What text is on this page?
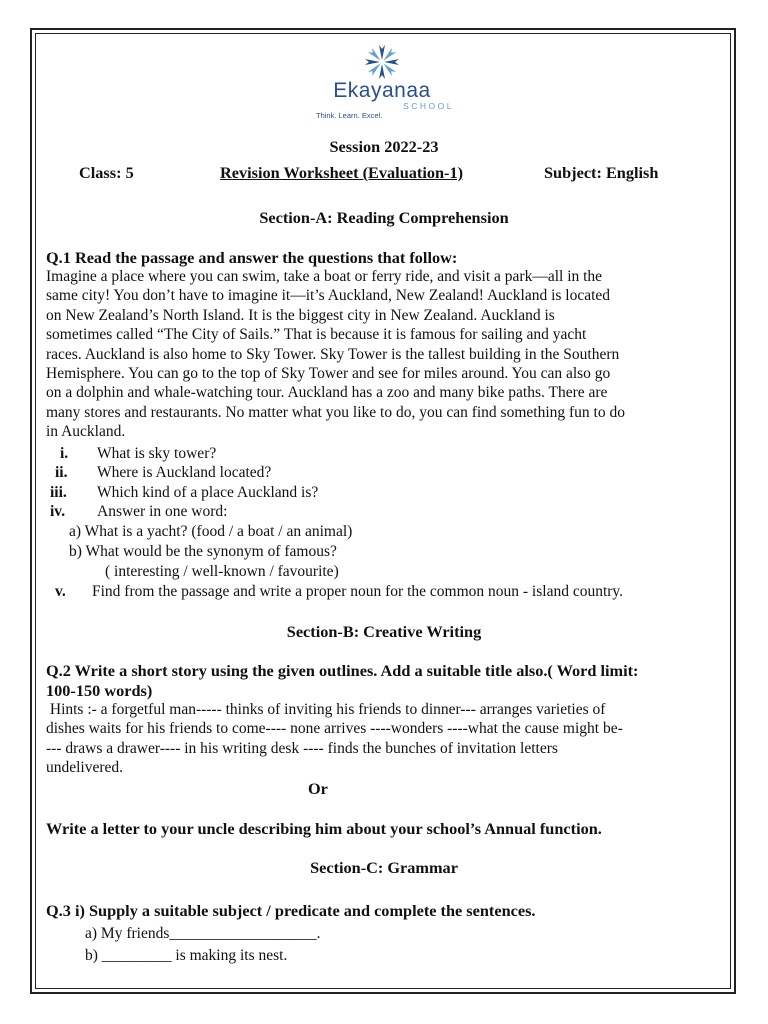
Ekayanaa
SCHOOL
Think. Learn. Excel.
Session 2022-23
Class: 5	Revision Worksheet (Evaluation-1)	Subject: English
Section-A: Reading Comprehension
Q.1 Read the passage and answer the questions that follow:
Imagine a place where you can swim, take a boat or ferry ride, and visit a park—all in the
same city! You don’t have to imagine it—it’s Auckland, New Zealand! Auckland is located
on New Zealand’s North Island. It is the biggest city in New Zealand. Auckland is
sometimes called “The City of Sails.” That is because it is famous for sailing and yacht
races. Auckland is also home to Sky Tower. Sky Tower is the tallest building in the Southern
Hemisphere. You can go to the top of Sky Tower and see for miles around. You can also go
on a dolphin and whale-watching tour. Auckland has a zoo and many bike paths. There are
many stores and restaurants. No matter what you like to do, you can find something fun to do
in Auckland.
i. What is sky tower?
ii. Where is Auckland located?
iii. Which kind of a place Auckland is?
iv. Answer in one word:
a) What is a yacht? (food / a boat / an animal)
b) What would be the synonym of famous?
( interesting / well-known / favourite)
v. Find from the passage and write a proper noun for the common noun - island country.
Section-B: Creative Writing
Q.2 Write a short story using the given outlines. Add a suitable title also.( Word limit:
100-150 words)
Hints :- a forgetful man----- thinks of inviting his friends to dinner--- arranges varieties of
dishes waits for his friends to come---- none arrives ----wonders ----what the cause might be-
--- draws a drawer---- in his writing desk ---- finds the bunches of invitation letters
undelivered.
Or
Write a letter to your uncle describing him about your school’s Annual function.
Section-C: Grammar
Q.3 i) Supply a suitable subject / predicate and complete the sentences.
a) My friends___________________.
b) _________ is making its nest.
